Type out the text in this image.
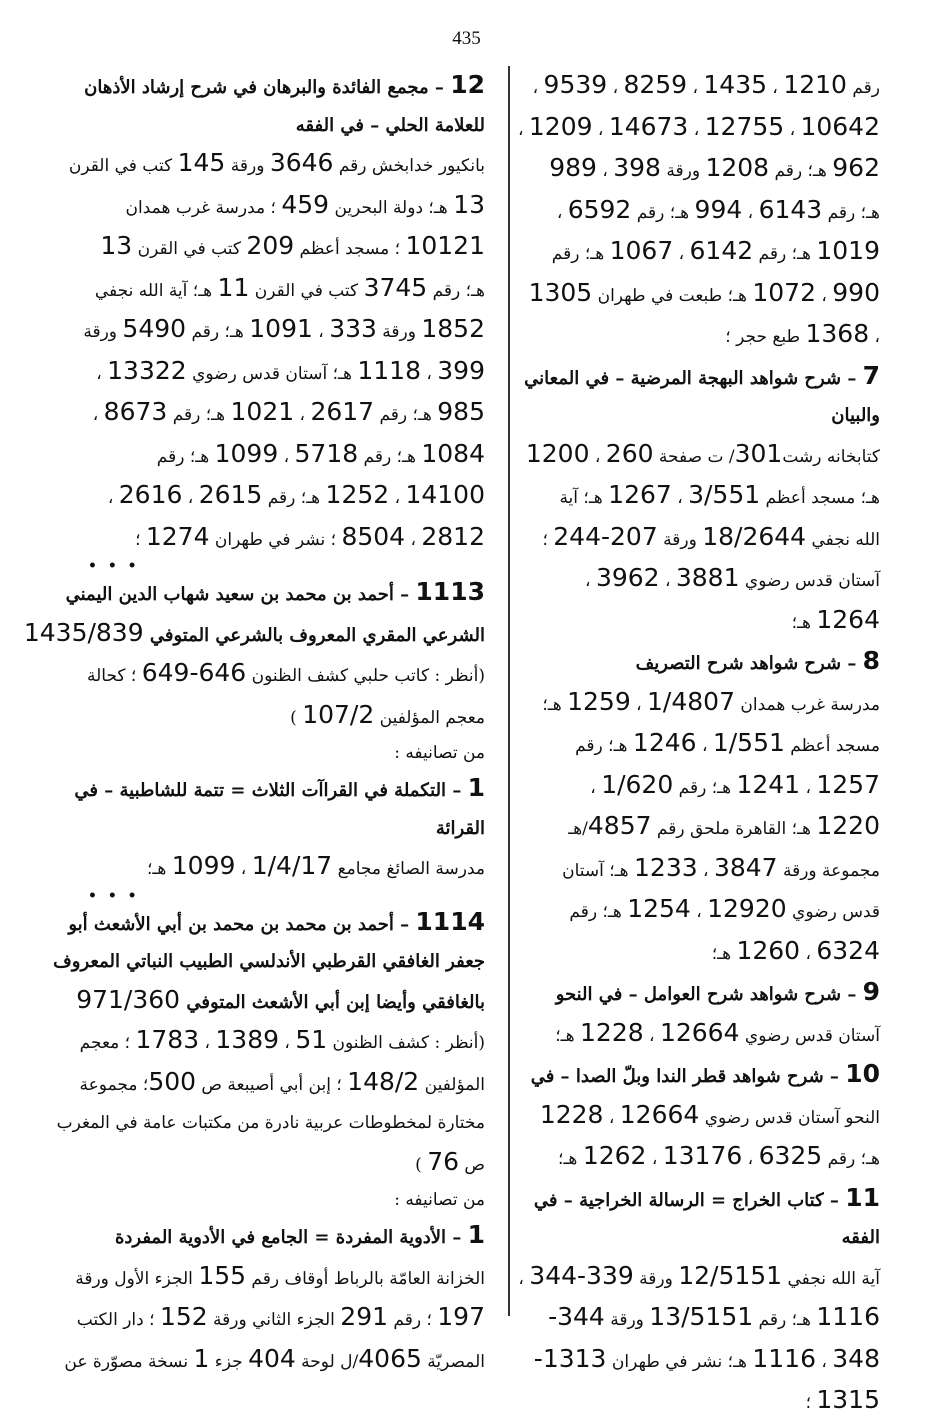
435

رقم 1210 ، 1435 ، 8259 ، 9539 ،

10642 ، 12755 ، 14673 ، 1209 ،

962 هـ؛ رقم 1208 ورقة 398 ، 989

هـ؛ رقم 6143 ، 994 هـ؛ رقم 6592 ،

1019 هـ؛ رقم 6142 ، 1067 هـ؛ رقم

990 ، 1072 هـ؛ طبعت في طهران 1305

، 1368 طبع حجر ؛

7 – شرح شواهد البهجة المرضية – في المعاني

والبيان

كتابخانه رشت301/ ت صفحة 260 ، 1200

هـ؛ مسجد أعظم 3/551 ، 1267 هـ؛ آية

الله نجفي 18/2644 ورقة 207-244 ؛

آستان قدس رضوي 3881 ، 3962 ،

1264 هـ؛

8 – شرح شواهد شرح التصريف

مدرسة غرب همدان 1/4807 ، 1259 هـ؛

مسجد أعظم 1/551 ، 1246 هـ؛ رقم

1257 ، 1241 هـ؛ رقم 1/620 ،

1220 هـ؛ القاهرة ملحق رقم 4857/هـ

مجموعة ورقة 3847 ، 1233 هـ؛ آستان

قدس رضوي 12920 ، 1254 هـ؛ رقم

6324 ، 1260 هـ؛

9 – شرح شواهد شرح العوامل – في النحو

آستان قدس رضوي 12664 ، 1228 هـ؛

10 – شرح شواهد قطر الندا وبلّ الصدا – في

النحو آستان قدس رضوي 12664 ، 1228

هـ؛ رقم 6325 ، 13176 ، 1262 هـ؛

11 – كتاب الخراج = الرسالة الخراجية – في

الفقه

آية الله نجفي 12/5151 ورقة 339-344 ،

1116 هـ؛ رقم 13/5151 ورقة 344-

348 ، 1116 هـ؛ نشر في طهران 1313-

1315 ؛

12 – مجمع الفائدة والبرهان في شرح إرشاد الأذهان

للعلامة الحلي – في الفقه

بانكيور خدابخش رقم 3646 ورقة 145 كتب في القرن

13 هـ؛ دولة البحرين 459 ؛ مدرسة غرب همدان

10121 ؛ مسجد أعظم 209 كتب في القرن 13

هـ؛ رقم 3745 كتب في القرن 11 هـ؛ آية الله نجفي

1852 ورقة 333 ، 1091 هـ؛ رقم 5490 ورقة

399 ، 1118 هـ؛ آستان قدس رضوي 13322 ،

985 هـ؛ رقم 2617 ، 1021 هـ؛ رقم 8673 ،

1084 هـ؛ رقم 5718 ، 1099 هـ؛ رقم

14100 ، 1252 هـ؛ رقم 2615 ، 2616 ،

2812 ، 8504 ؛ نشر في طهران 1274 ؛

• • •

1113 – أحمد بن محمد بن سعيد شهاب الدين اليمني

الشرعي المقري المعروف بالشرعي المتوفي 1435/839

(أنظر : كاتب حلبي كشف الظنون 646-649 ؛ كحالة

معجم المؤلفين 107/2 )

من تصانيفه :

1 – التكملة في القراآت الثلاث = تتمة للشاطبية – في

القرائة

مدرسة الصائغ مجامع 1/4/17 ، 1099 هـ؛

• • •

1114 – أحمد بن محمد بن محمد بن أبي الأشعث أبو

جعفر الغافقي القرطبي الأندلسي الطبيب النباتي المعروف

بالغافقي وأيضا إبن أبي الأشعث المتوفي 971/360

(أنظر : كشف الظنون 51 ، 1389 ، 1783 ؛ معجم

المؤلفين 148/2 ؛ إبن أبي أصيبعة ص 500؛ مجموعة

مختارة لمخطوطات عربية نادرة من مكتبات عامة في المغرب

ص 76 )

من تصانيفه :

1 – الأدوية المفردة = الجامع في الأدوية المفردة

الخزانة العامّة بالرباط أوقاف رقم 155 الجزء الأول ورقة

197 ؛ رقم 291 الجزء الثاني ورقة 152 ؛ دار الكتب

المصريّة 4065/ل لوحة 404 جزء 1 نسخة مصوّرة عن
